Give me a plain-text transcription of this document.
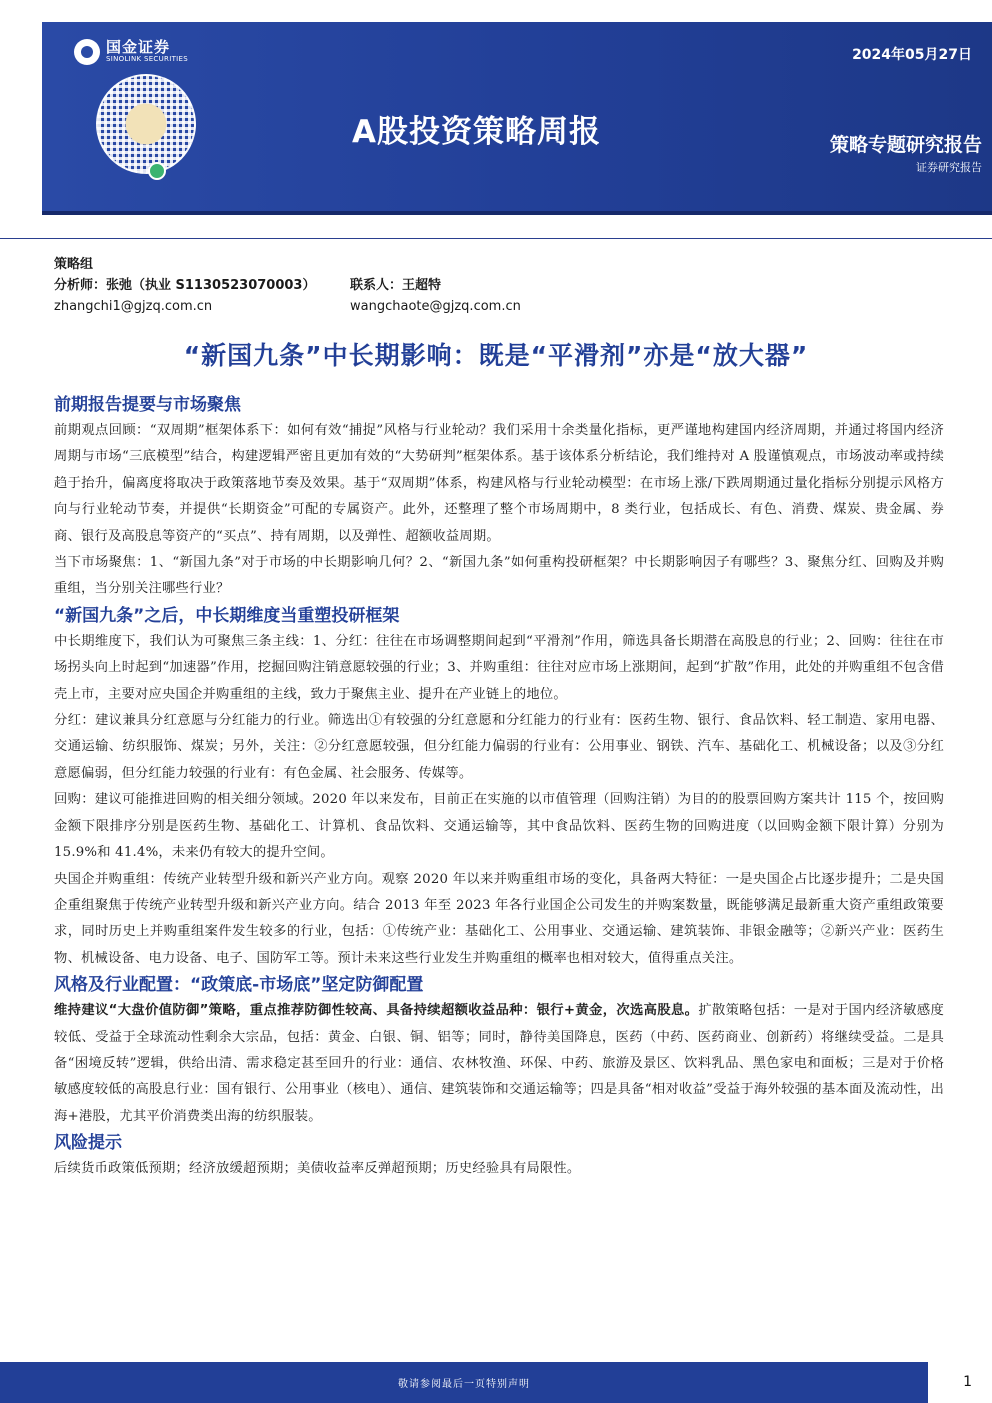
国金证券
SINOLINK SECURITIES	2024年05月27日
A股投资策略周报	策略专题研究报告
证券研究报告
策略组
分析师：张弛（执业 S1130523070003）	联系人：王超特
zhangchi1@gjzq.com.cn	wangchaote@gjzq.com.cn
“新国九条”中长期影响：既是“平滑剂”亦是“放大器”
前期报告提要与市场聚焦

前期观点回顾：“双周期”框架体系下：如何有效“捕捉”风格与行业轮动？我们采用十余类量化指标，更严谨地构建国内经济周期，并通过将国内经济周期与市场“三底模型”结合，构建逻辑严密且更加有效的“大势研判”框架体系。基于该体系分析结论，我们维持对 A 股谨慎观点，市场波动率或持续趋于抬升，偏离度将取决于政策落地节奏及效果。基于“双周期”体系，构建风格与行业轮动模型：在市场上涨/下跌周期通过量化指标分别提示风格方向与行业轮动节奏，并提供“长期资金”可配的专属资产。此外，还整理了整个市场周期中，8 类行业，包括成长、有色、消费、煤炭、贵金属、券商、银行及高股息等资产的“买点”、持有周期，以及弹性、超额收益周期。

当下市场聚焦：1、“新国九条”对于市场的中长期影响几何？2、“新国九条”如何重构投研框架？中长期影响因子有哪些？3、聚焦分红、回购及并购重组，当分别关注哪些行业？

“新国九条”之后，中长期维度当重塑投研框架

中长期维度下，我们认为可聚焦三条主线：1、分红：往往在市场调整期间起到“平滑剂”作用，筛选具备长期潜在高股息的行业；2、回购：往往在市场拐头向上时起到“加速器”作用，挖掘回购注销意愿较强的行业；3、并购重组：往往对应市场上涨期间，起到“扩散”作用，此处的并购重组不包含借壳上市，主要对应央国企并购重组的主线，致力于聚焦主业、提升在产业链上的地位。

分红：建议兼具分红意愿与分红能力的行业。筛选出①有较强的分红意愿和分红能力的行业有：医药生物、银行、食品饮料、轻工制造、家用电器、交通运输、纺织服饰、煤炭；另外，关注：②分红意愿较强，但分红能力偏弱的行业有：公用事业、钢铁、汽车、基础化工、机械设备；以及③分红意愿偏弱，但分红能力较强的行业有：有色金属、社会服务、传媒等。

回购：建议可能推进回购的相关细分领域。2020 年以来发布，目前正在实施的以市值管理（回购注销）为目的的股票回购方案共计 115 个，按回购金额下限排序分别是医药生物、基础化工、计算机、食品饮料、交通运输等，其中食品饮料、医药生物的回购进度（以回购金额下限计算）分别为 15.9%和 41.4%，未来仍有较大的提升空间。

央国企并购重组：传统产业转型升级和新兴产业方向。观察 2020 年以来并购重组市场的变化，具备两大特征：一是央国企占比逐步提升；二是央国企重组聚焦于传统产业转型升级和新兴产业方向。结合 2013 年至 2023 年各行业国企公司发生的并购案数量，既能够满足最新重大资产重组政策要求，同时历史上并购重组案件发生较多的行业，包括：①传统产业：基础化工、公用事业、交通运输、建筑装饰、非银金融等；②新兴产业：医药生物、机械设备、电力设备、电子、国防军工等。预计未来这些行业发生并购重组的概率也相对较大，值得重点关注。

风格及行业配置：“政策底-市场底”坚定防御配置

维持建议“大盘价值防御”策略，重点推荐防御性较高、具备持续超额收益品种：银行+黄金，次选高股息。扩散策略包括：一是对于国内经济敏感度较低、受益于全球流动性剩余大宗品，包括：黄金、白银、铜、铝等；同时，静待美国降息，医药（中药、医药商业、创新药）将继续受益。二是具备“困境反转”逻辑，供给出清、需求稳定甚至回升的行业：通信、农林牧渔、环保、中药、旅游及景区、饮料乳品、黑色家电和面板；三是对于价格敏感度较低的高股息行业：国有银行、公用事业（核电）、通信、建筑装饰和交通运输等；四是具备“相对收益”受益于海外较强的基本面及流动性，出海+港股，尤其平价消费类出海的纺织服装。

风险提示

后续货币政策低预期；经济放缓超预期；美债收益率反弹超预期；历史经验具有局限性。

敬请参阅最后一页特别声明	1
